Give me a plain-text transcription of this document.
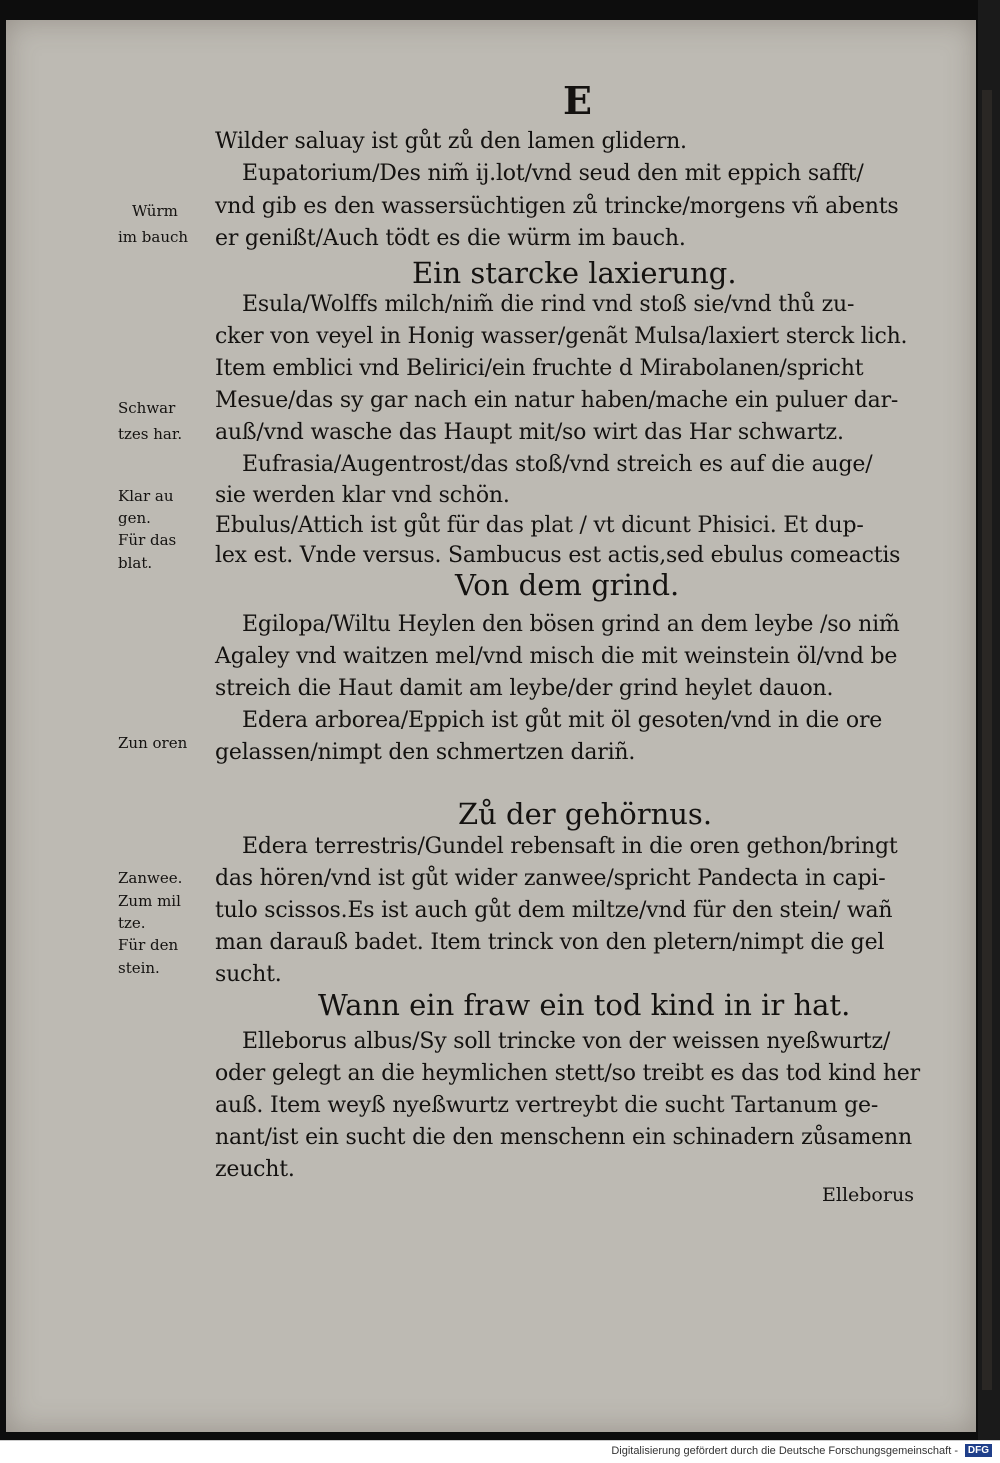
E
Wilder saluay ist gůt zů den lamen glidern.
Eupatorium/Des nim̃ ij.lot/vnd seud den mit eppich safft/
vnd gib es den wassersüchtigen zů trincke/morgens vñ abents
er genißt/Auch tödt es die würm im bauch.
Ein starcke laxierung.
Esula/Wolffs milch/nim̃ die rind vnd stoß sie/vnd thů zu-
cker von veyel in Honig wasser/genãt Mulsa/laxiert sterck lich.
Item emblici vnd Belirici/ein fruchte d Mirabolanen/spricht
Mesue/das sy gar nach ein natur haben/mache ein puluer dar-
auß/vnd wasche das Haupt mit/so wirt das Har schwartz.
Eufrasia/Augentrost/das stoß/vnd streich es auf die auge/
sie werden klar vnd schön.
Ebulus/Attich ist gůt für das plat / vt dicunt Phisici. Et dup-
lex est. Vnde versus. Sambucus est actis,sed ebulus comeactis
Von dem grind.
Egilopa/Wiltu Heylen den bösen grind an dem leybe /so nim̃
Agaley vnd waitzen mel/vnd misch die mit weinstein öl/vnd be
streich die Haut damit am leybe/der grind heylet dauon.
Edera arborea/Eppich ist gůt mit öl gesoten/vnd in die ore
gelassen/nimpt den schmertzen dariñ.
Zů der gehörnus.
Edera terrestris/Gundel rebensaft in die oren gethon/bringt
das hören/vnd ist gůt wider zanwee/spricht Pandecta in capi-
tulo scissos.Es ist auch gůt dem miltze/vnd für den stein/ wañ
man darauß badet. Item trinck von den pletern/nimpt die gel
sucht.
Wann ein fraw ein tod kind in ir hat.
Elleborus albus/Sy soll trincke von der weissen nyeßwurtz/
oder gelegt an die heymlichen stett/so treibt es das tod kind her
auß. Item weyß nyeßwurtz vertreybt die sucht Tartanum ge-
nant/ist ein sucht die den menschenn ein schinadern zůsamenn
zeucht.
Würm
im bauch
Schwar
tzes har.
Klar au
gen.
Für das
blat.
Zun oren
Zanwee.
Zum mil
tze.
Für den
stein.
Elleborus
Digitalisierung gefördert durch die Deutsche Forschungsgemeinschaft - DFG
